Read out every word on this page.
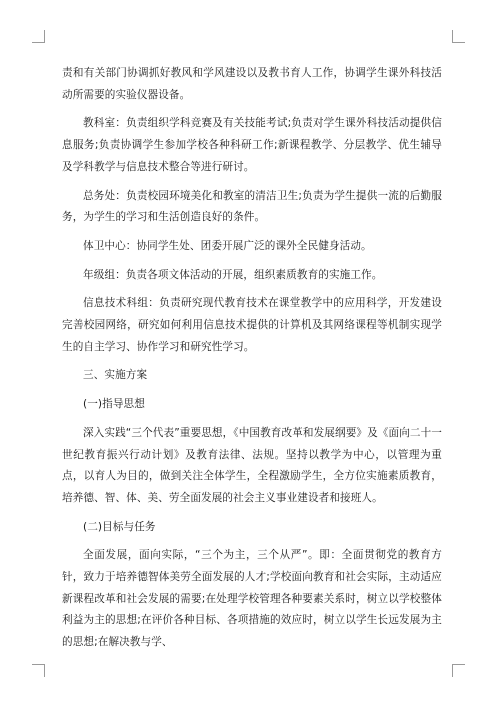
责和有关部门协调抓好教风和学风建设以及教书育人工作，协调学生课外科技活动所需要的实验仪器设备。

教科室：负责组织学科竞赛及有关技能考试;负责对学生课外科技活动提供信息服务;负责协调学生参加学校各种科研工作;新课程教学、分层教学、优生辅导及学科教学与信息技术整合等进行研讨。

总务处：负责校园环境美化和教室的清洁卫生;负责为学生提供一流的后勤服务，为学生的学习和生活创造良好的条件。

体卫中心：协同学生处、团委开展广泛的课外全民健身活动。

年级组：负责各项文体活动的开展，组织素质教育的实施工作。

信息技术科组：负责研究现代教育技术在课堂教学中的应用科学，开发建设完善校园网络，研究如何利用信息技术提供的计算机及其网络课程等机制实现学生的自主学习、协作学习和研究性学习。

三、实施方案

(一)指导思想

深入实践“三个代表”重要思想，《中国教育改革和发展纲要》及《面向二十一世纪教育振兴行动计划》及教育法律、法规。坚持以教学为中心，以管理为重点，以育人为目的，做到关注全体学生，全程激励学生，全方位实施素质教育，培养德、智、体、美、劳全面发展的社会主义事业建设者和接班人。

(二)目标与任务

全面发展，面向实际，“三个为主，三个从严”。即：全面贯彻党的教育方针，致力于培养德智体美劳全面发展的人才;学校面向教育和社会实际，主动适应新课程改革和社会发展的需要;在处理学校管理各种要素关系时，树立以学校整体利益为主的思想;在评价各种目标、各项措施的效应时，树立以学生长远发展为主的思想;在解决教与学、
